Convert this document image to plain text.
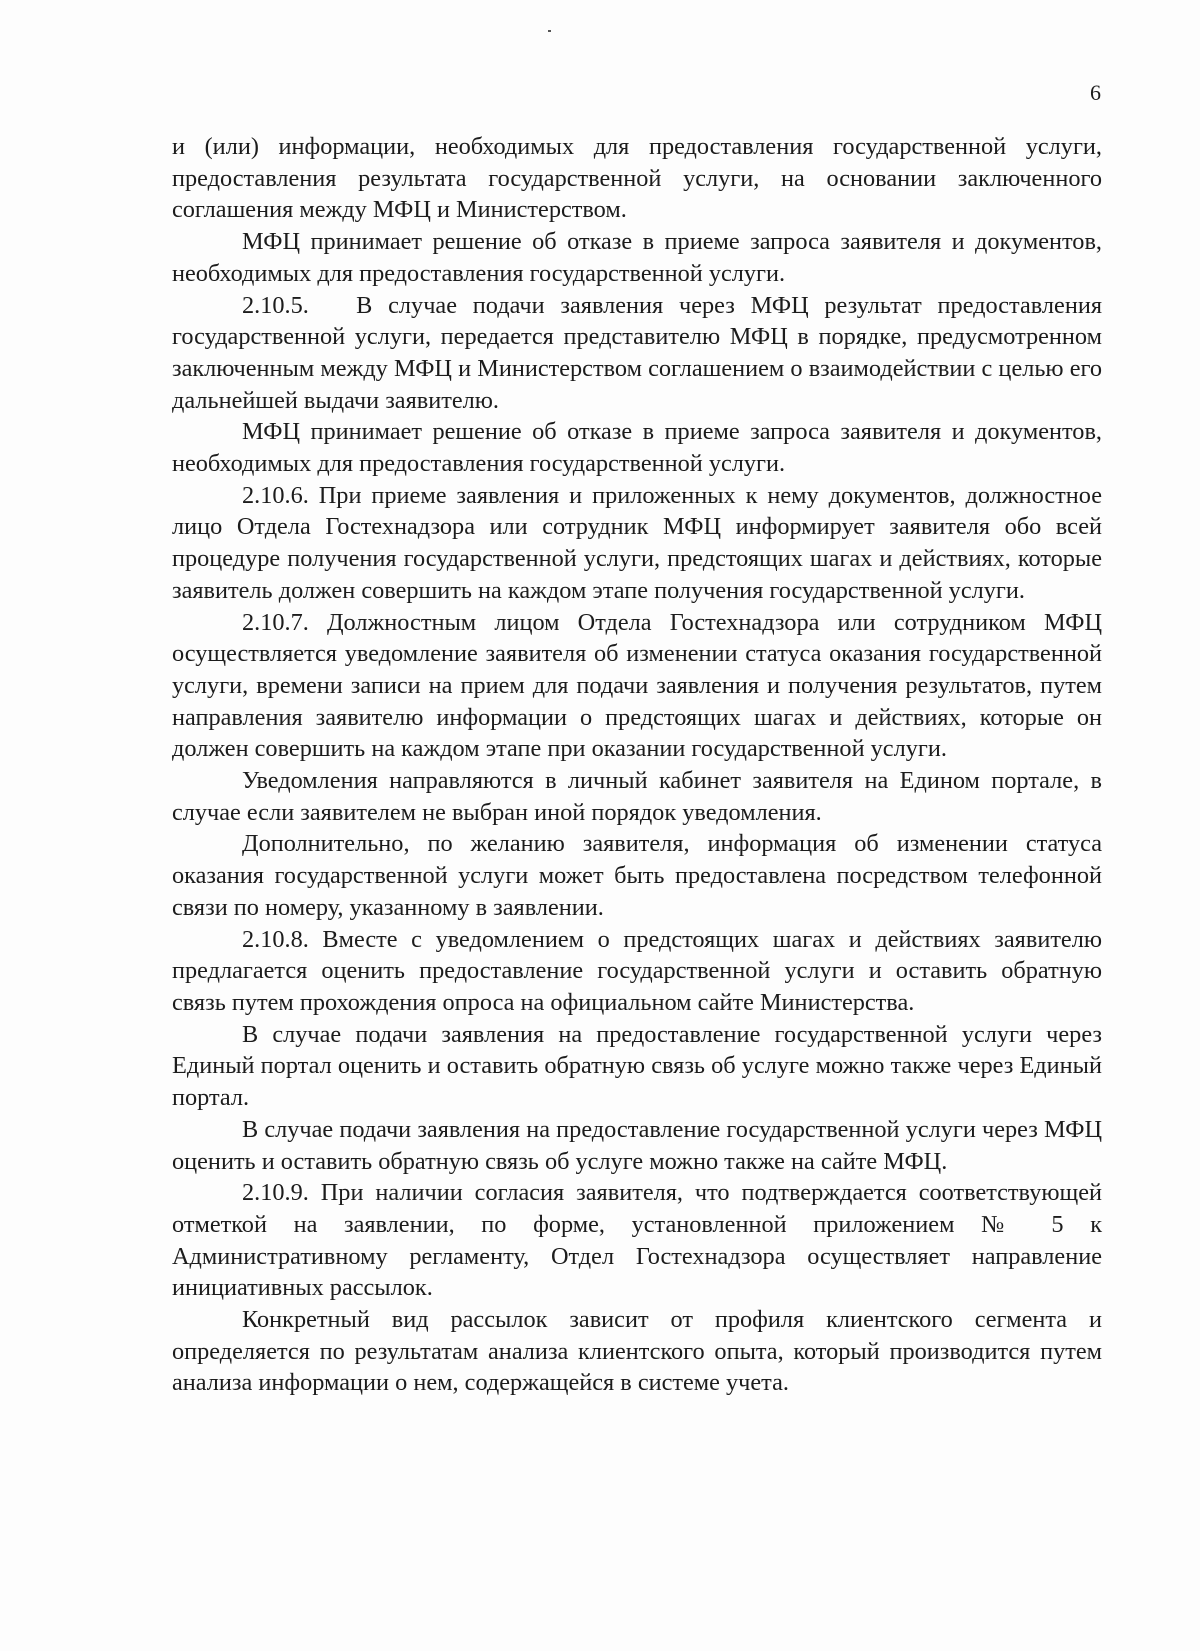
6

и (или) информации, необходимых для предоставления государственной услуги, предоставления результата государственной услуги, на основании заключенного соглашения между МФЦ и Министерством.

МФЦ принимает решение об отказе в приеме запроса заявителя и документов, необходимых для предоставления государственной услуги.

2.10.5.   В случае подачи заявления через МФЦ результат предоставления государственной услуги, передается представителю МФЦ в порядке, предусмотренном заключенным между МФЦ и Министерством соглашением о взаимодействии с целью его дальнейшей выдачи заявителю.

МФЦ принимает решение об отказе в приеме запроса заявителя и документов, необходимых для предоставления государственной услуги.

2.10.6. При приеме заявления и приложенных к нему документов, должностное лицо Отдела Гостехнадзора или сотрудник МФЦ информирует заявителя обо всей процедуре получения государственной услуги, предстоящих шагах и действиях, которые заявитель должен совершить на каждом этапе получения государственной услуги.

2.10.7. Должностным лицом Отдела Гостехнадзора или сотрудником МФЦ осуществляется уведомление заявителя об изменении статуса оказания государственной услуги, времени записи на прием для подачи заявления и получения результатов, путем направления заявителю информации о предстоящих шагах и действиях, которые он должен совершить на каждом этапе при оказании государственной услуги.

Уведомления направляются в личный кабинет заявителя на Едином портале, в случае если заявителем не выбран иной порядок уведомления.

Дополнительно, по желанию заявителя, информация об изменении статуса оказания государственной услуги может быть предоставлена посредством телефонной связи по номеру, указанному в заявлении.

2.10.8. Вместе с уведомлением о предстоящих шагах и действиях заявителю предлагается оценить предоставление государственной услуги и оставить обратную связь путем прохождения опроса на официальном сайте Министерства.

В случае подачи заявления на предоставление государственной услуги через Единый портал оценить и оставить обратную связь об услуге можно также через Единый портал.

В случае подачи заявления на предоставление государственной услуги через МФЦ оценить и оставить обратную связь об услуге можно также на сайте МФЦ.

2.10.9. При наличии согласия заявителя, что подтверждается соответствующей отметкой на заявлении, по форме, установленной приложением № 5 к Административному регламенту, Отдел Гостехнадзора осуществляет направление инициативных рассылок.

Конкретный вид рассылок зависит от профиля клиентского сегмента и определяется по результатам анализа клиентского опыта, который производится путем анализа информации о нем, содержащейся в системе учета.
